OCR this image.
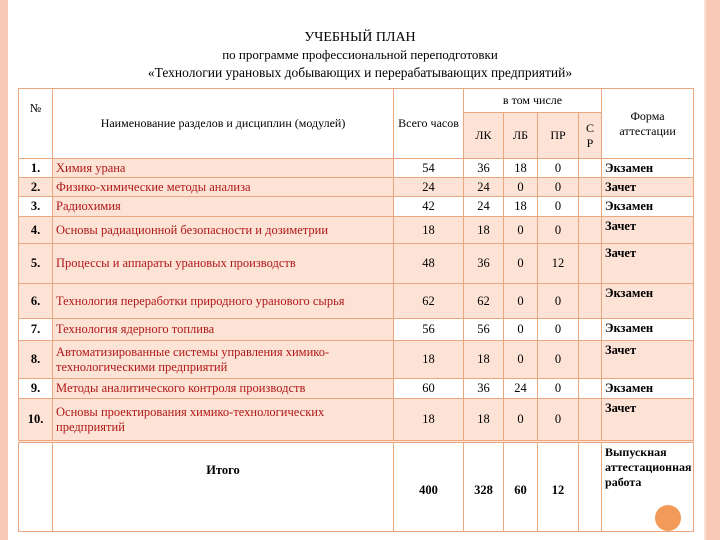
УЧЕБНЫЙ ПЛАН
по программе профессиональной переподготовки
«Технологии урановых добывающих и перерабатывающих предприятий»
№	Наименование разделов и дисциплин (модулей)	Всего часов	в том числе				Форма аттестации
			ЛК	ЛБ	ПР	С Р	
1.	Химия урана	54	36	18	0		Экзамен
2.	Физико-химические методы анализа	24	24	0	0		Зачет
3.	Радиохимия	42	24	18	0		Экзамен
4.	Основы радиационной безопасности и дозиметрии	18	18	0	0		Зачет
5.	Процессы и аппараты урановых производств	48	36	0	12		Зачет
6.	Технология переработки природного уранового сырья	62	62	0	0		Экзамен
7.	Технология ядерного топлива	56	56	0	0		Экзамен
8.	Автоматизированные системы управления химико-технологическими предприятий	18	18	0	0		Зачет
9.	Методы аналитического контроля производств	60	36	24	0		Экзамен
10.	Основы проектирования химико-технологических предприятий	18	18	0	0		Зачет
	Итого	400	328	60	12		Выпускная аттестационная работа
